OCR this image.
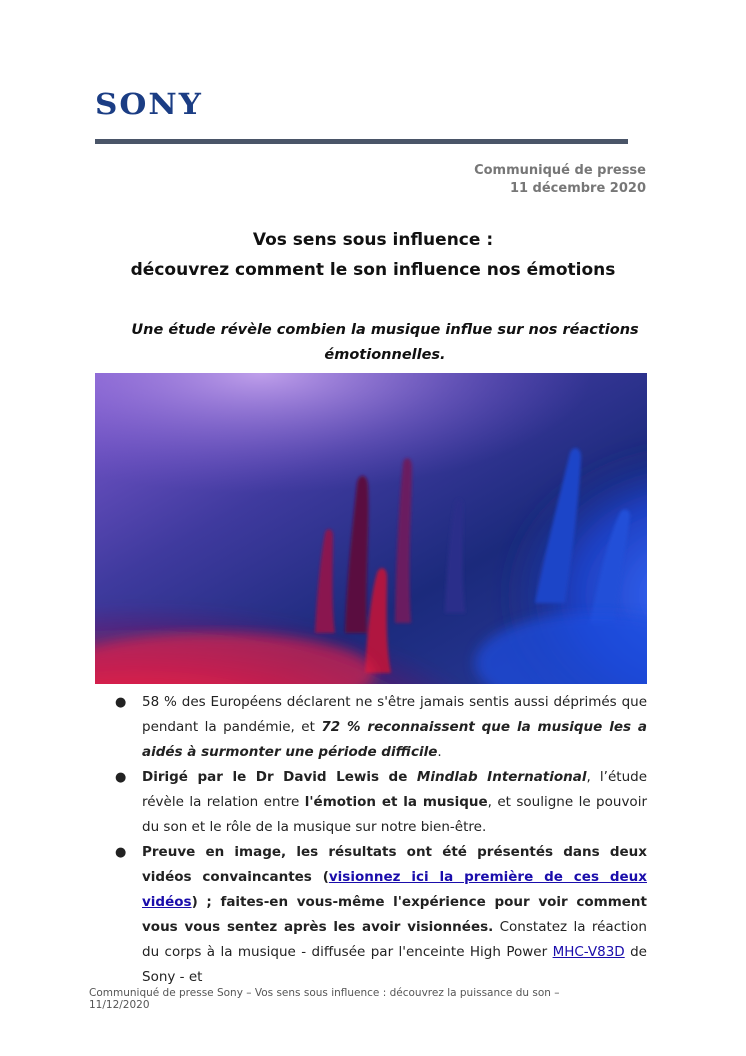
SONY
Communiqué de presse
11 décembre 2020
Vos sens sous influence :
découvrez comment le son influence nos émotions
Une étude révèle combien la musique influe sur nos réactions
émotionnelles.
● 58 % des Européens déclarent ne s'être jamais sentis aussi déprimés que pendant la pandémie, et 72 % reconnaissent que la musique les a aidés à surmonter une période difficile.
● Dirigé par le Dr David Lewis de Mindlab International, l’étude révèle la relation entre l'émotion et la musique, et souligne le pouvoir du son et le rôle de la musique sur notre bien-être.
● Preuve en image, les résultats ont été présentés dans deux vidéos convaincantes (visionnez ici la première de ces deux vidéos) ; faites-en vous-même l'expérience pour voir comment vous vous sentez après les avoir visionnées. Constatez la réaction du corps à la musique - diffusée par l'enceinte High Power MHC-V83D de Sony - et
Communiqué de presse Sony – Vos sens sous influence : découvrez la puissance du son –
11/12/2020
